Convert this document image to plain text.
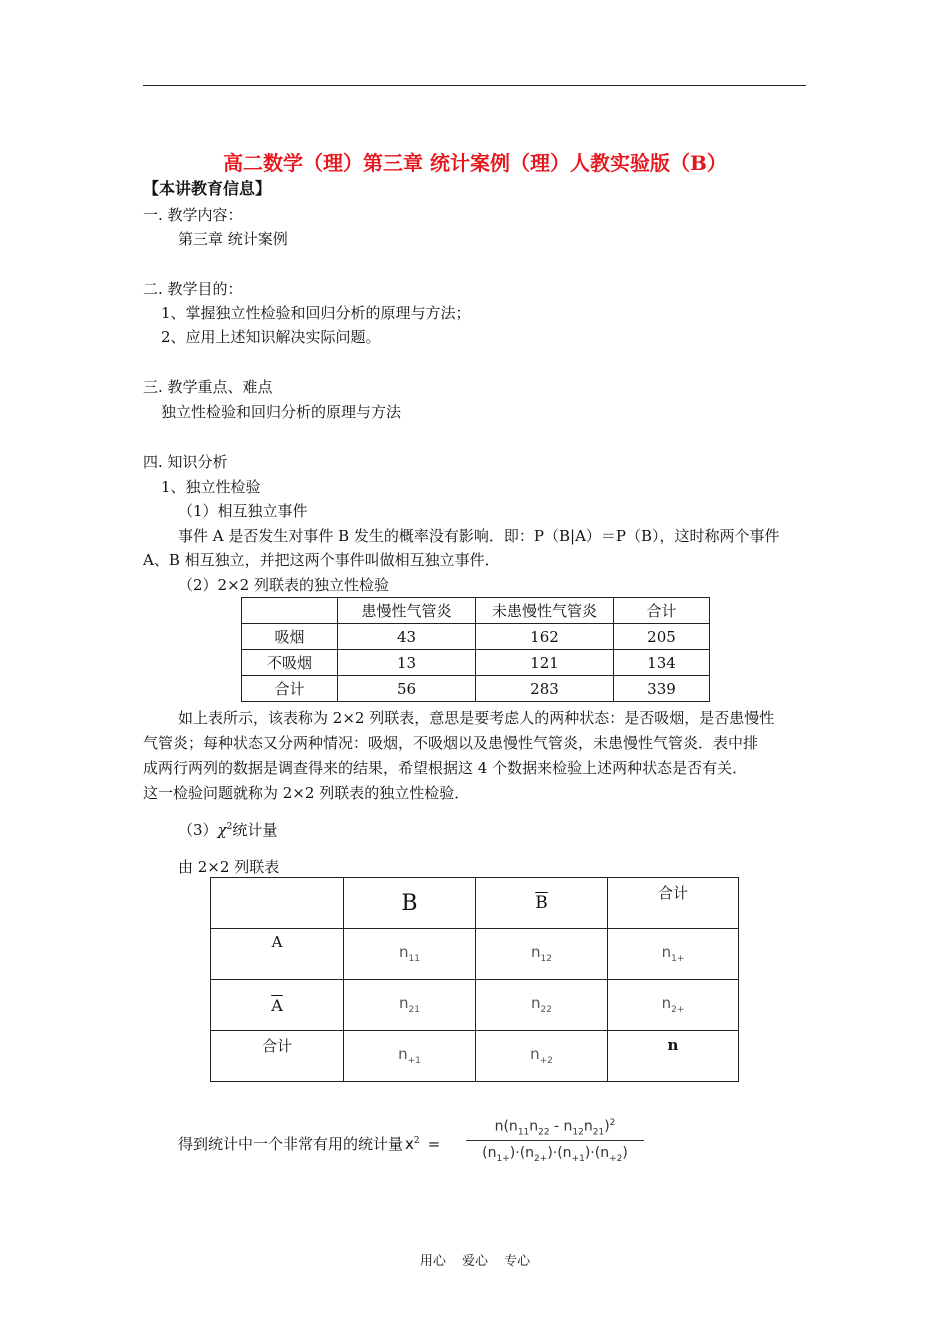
高二数学（理）第三章 统计案例（理）人教实验版（B）
【本讲教育信息】
一. 教学内容：
第三章 统计案例
二. 教学目的：
1、掌握独立性检验和回归分析的原理与方法；
2、应用上述知识解决实际问题。
三. 教学重点、难点
独立性检验和回归分析的原理与方法
四. 知识分析
1、独立性检验
（1）相互独立事件
事件 A 是否发生对事件 B 发生的概率没有影响．即：P（B|A）＝P（B），这时称两个事件
A、B 相互独立，并把这两个事件叫做相互独立事件．
（2）2×2 列联表的独立性检验
	患慢性气管炎	未患慢性气管炎	合计
吸烟	43	162	205
不吸烟	13	121	134
合计	56	283	339
如上表所示，该表称为 2×2 列联表，意思是要考虑人的两种状态：是否吸烟，是否患慢性
气管炎；每种状态又分两种情况：吸烟，不吸烟以及患慢性气管炎，未患慢性气管炎．表中排
成两行两列的数据是调查得来的结果，希望根据这 4 个数据来检验上述两种状态是否有关．
这一检验问题就称为 2×2 列联表的独立性检验．
$(3)\chi^2$统计量
由 2×2 列联表
	B	$\overline{B}$	合计

A	$n_{11}$	$n_{12}$	$n_{1+}$

$\overline{A}$	$n_{21}$	$n_{22}$	$n_{2+}$

合计	$n_{+1}$	$n_{+2}$	n
得到统计中一个非常有用的统计量 $x^2 = \frac{n(n_{11}n_{22} - n_{12}n_{21})^2}{(n_{1+})\cdot(n_{2+})\cdot(n_{+1})\cdot(n_{+2})}$
用心 爱心 专心
